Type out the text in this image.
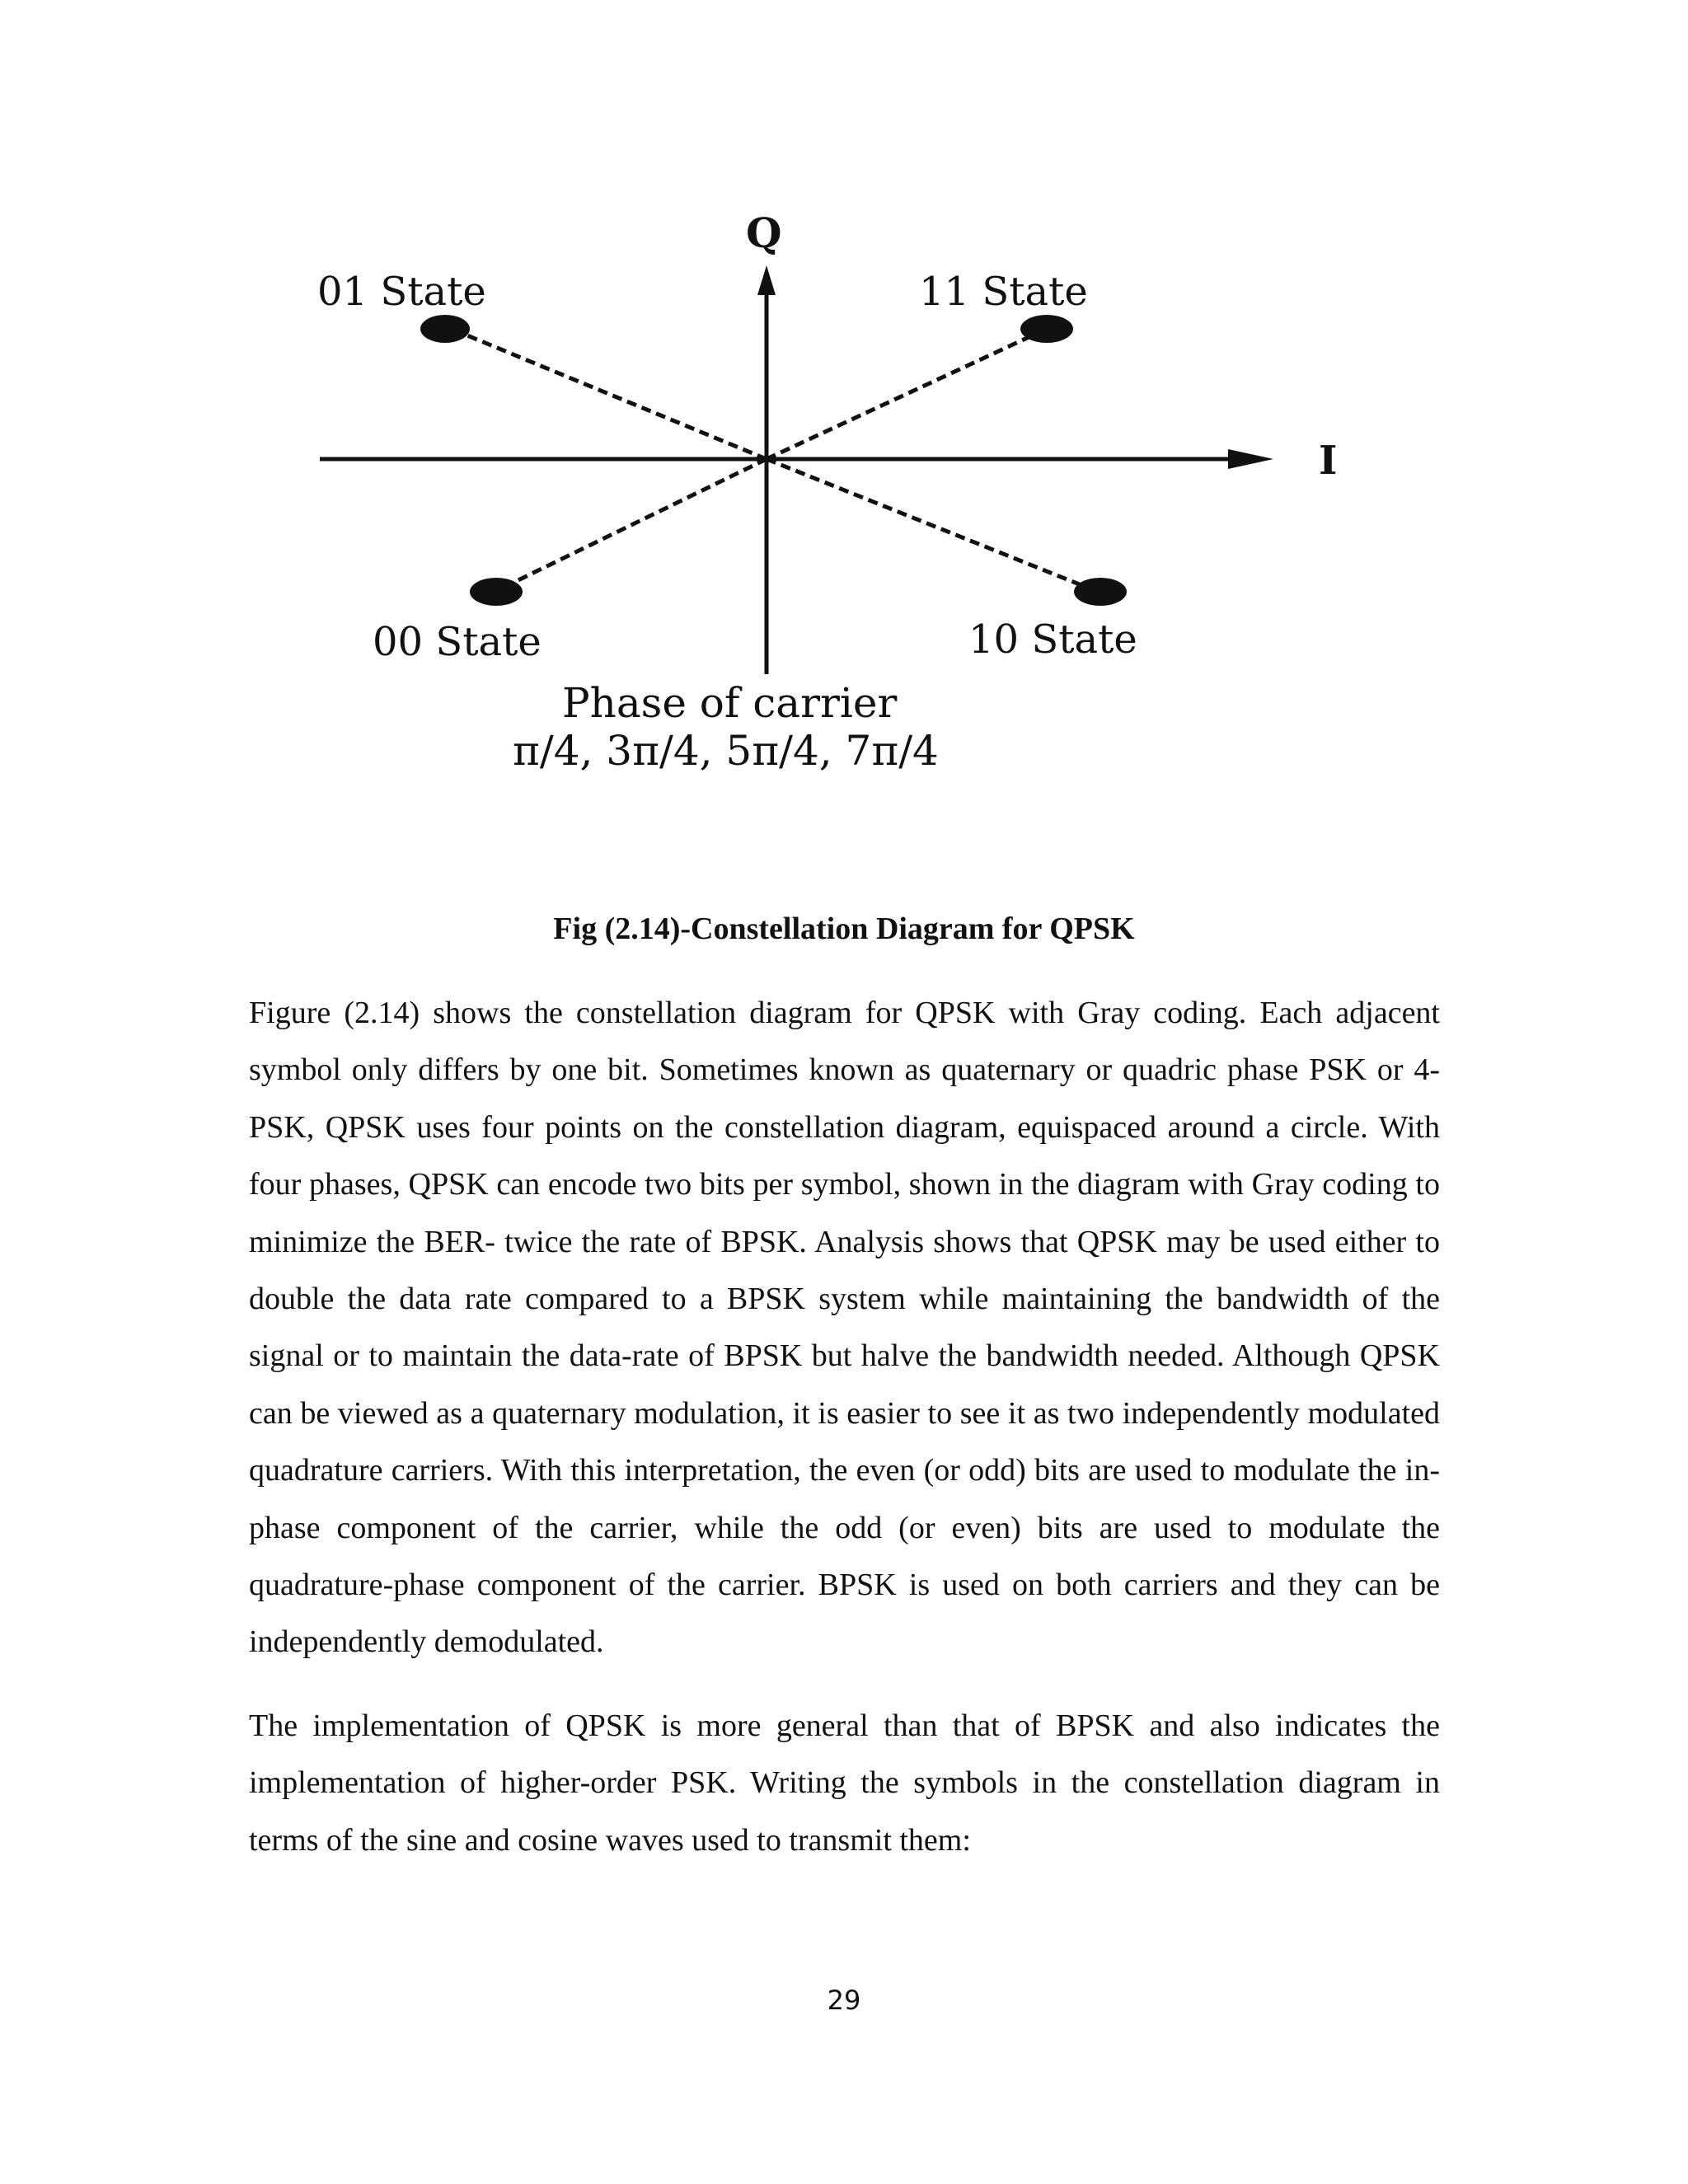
Q
I
01 State	11 State
00 State	10 State
Phase of carrier
π/4, 3π/4, 5π/4, 7π/4

Fig (2.14)-Constellation Diagram for QPSK

Figure (2.14) shows the constellation diagram for QPSK with Gray coding. Each adjacent symbol only differs by one bit. Sometimes known as quaternary or quadric phase PSK or 4-PSK, QPSK uses four points on the constellation diagram, equispaced around a circle. With four phases, QPSK can encode two bits per symbol, shown in the diagram with Gray coding to minimize the BER- twice the rate of BPSK. Analysis shows that QPSK may be used either to double the data rate compared to a BPSK system while maintaining the bandwidth of the signal or to maintain the data-rate of BPSK but halve the bandwidth needed. Although QPSK can be viewed as a quaternary modulation, it is easier to see it as two independently modulated quadrature carriers. With this interpretation, the even (or odd) bits are used to modulate the in-phase component of the carrier, while the odd (or even) bits are used to modulate the quadrature-phase component of the carrier. BPSK is used on both carriers and they can be independently demodulated.

The implementation of QPSK is more general than that of BPSK and also indicates the implementation of higher-order PSK. Writing the symbols in the constellation diagram in terms of the sine and cosine waves used to transmit them:

29
